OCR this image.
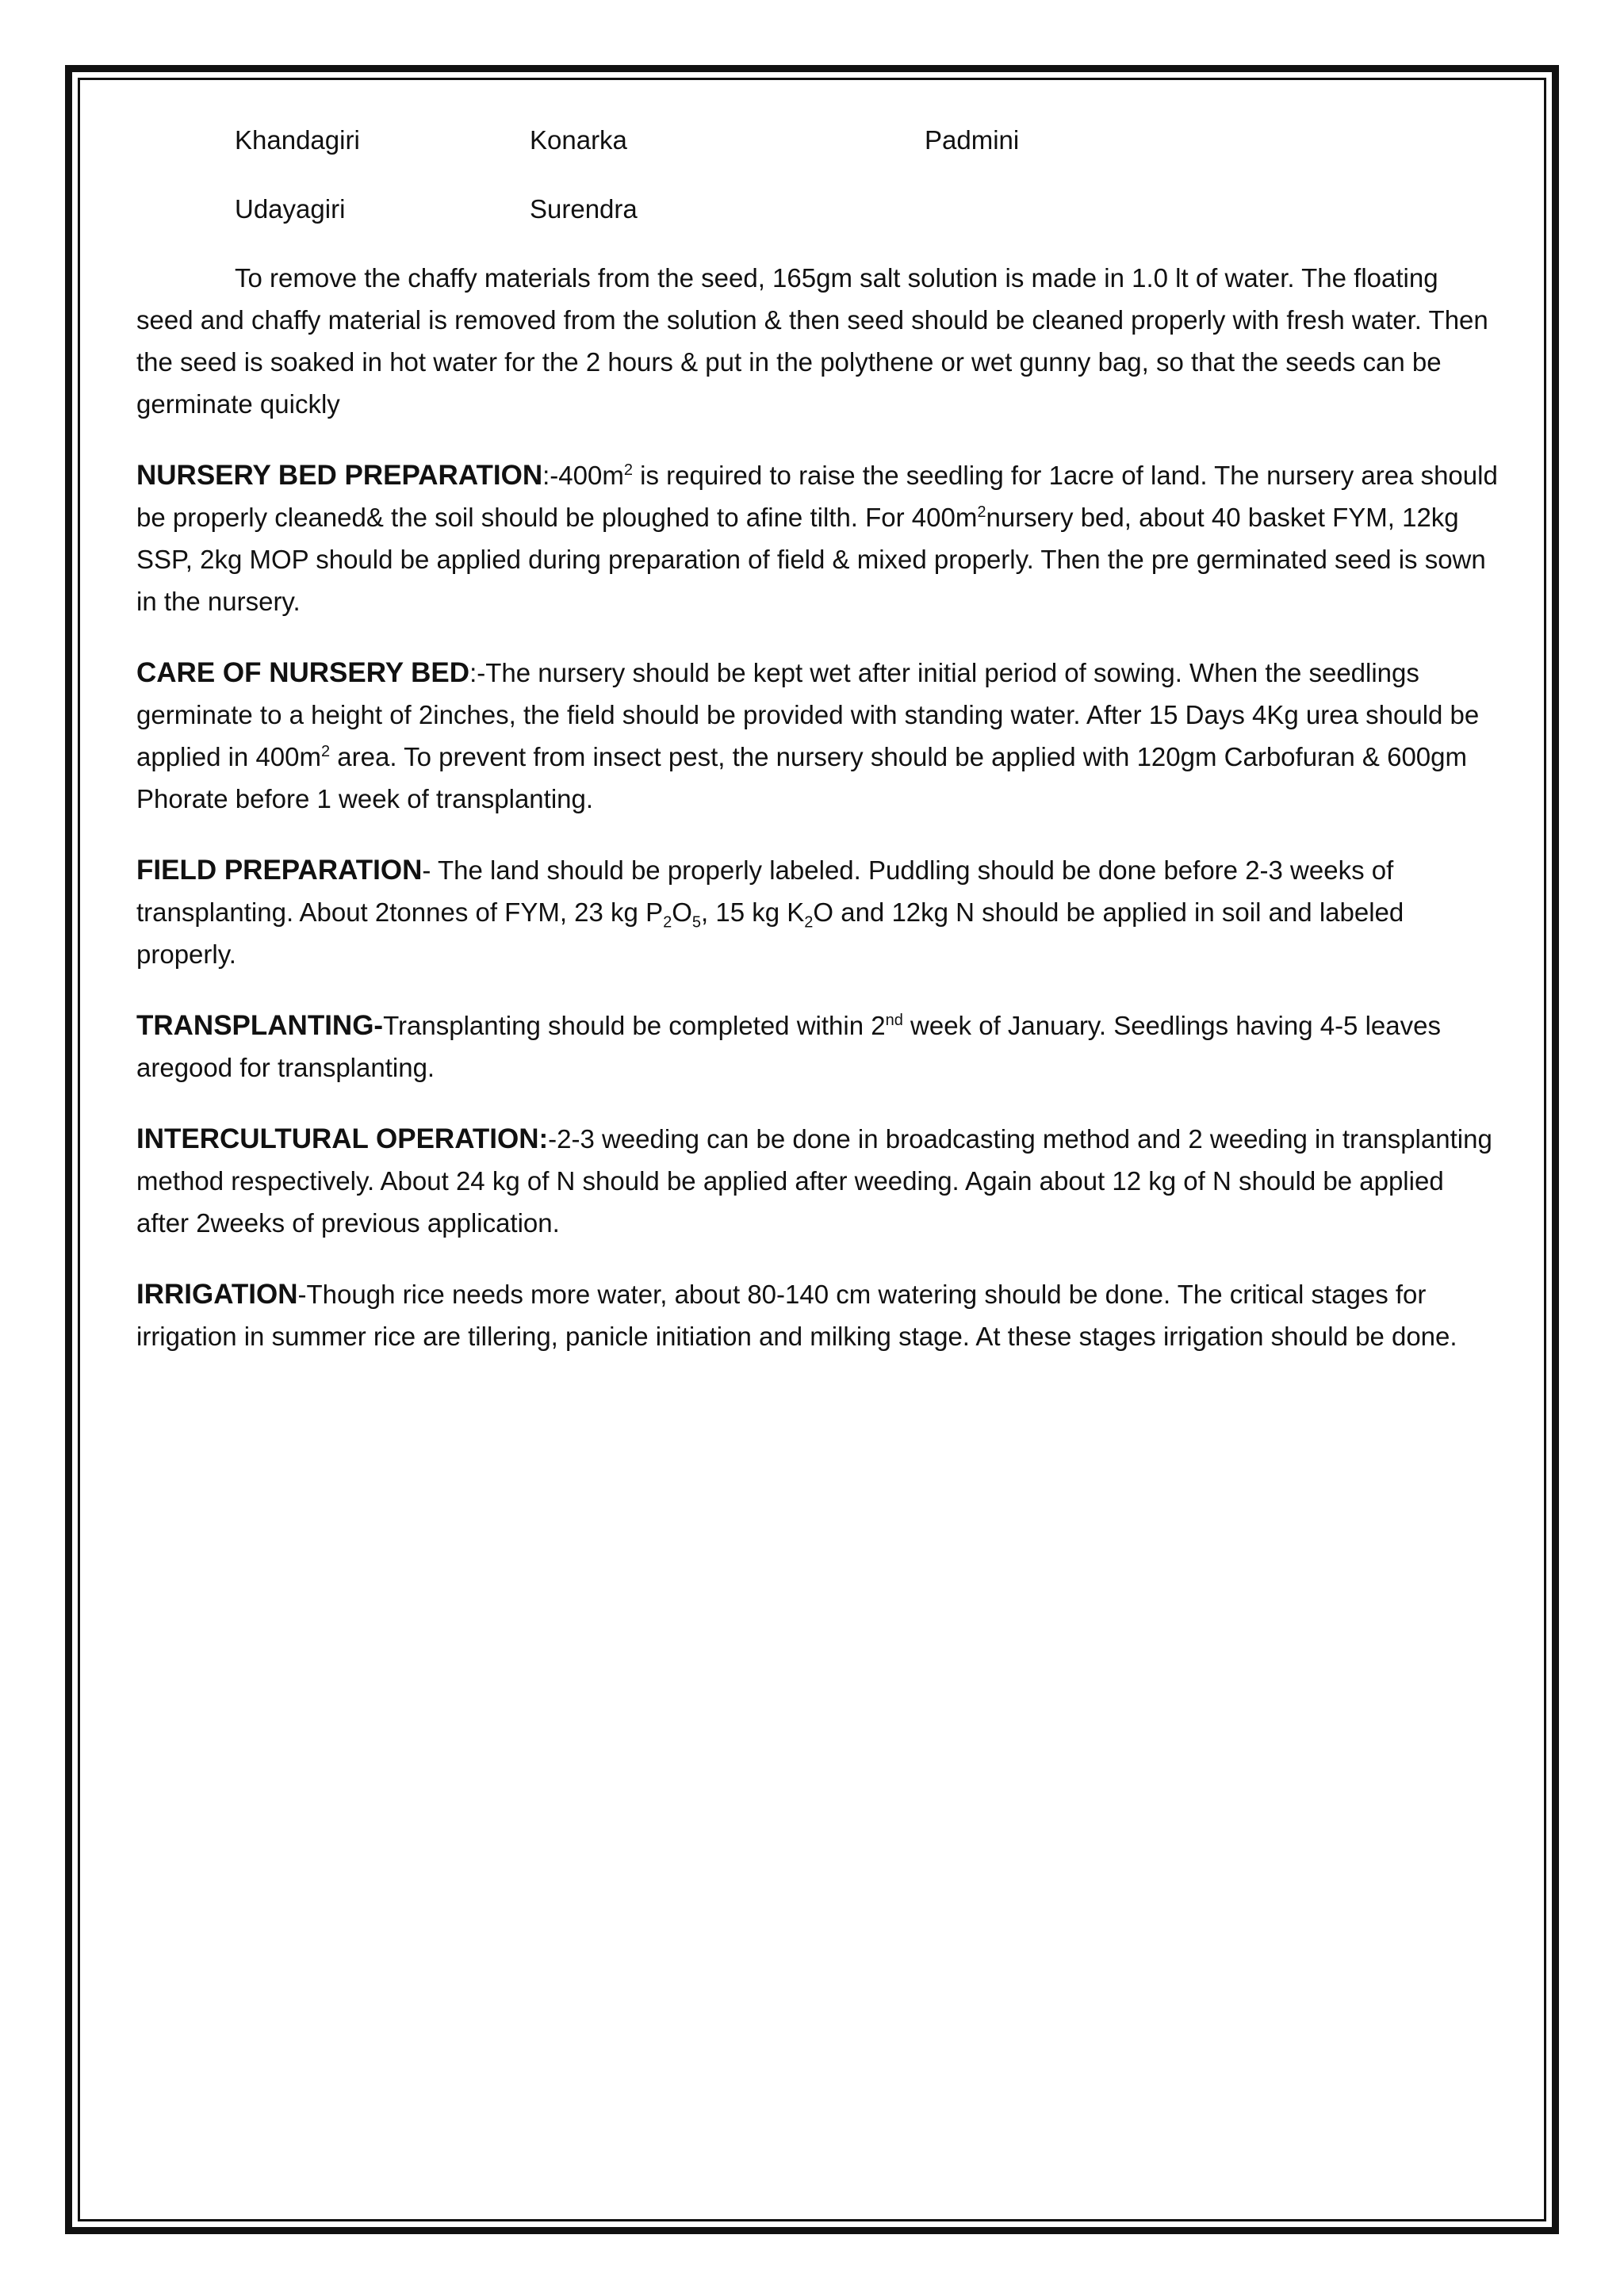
Khandagiri	Konarka	Padmini
Udayagiri	Surendra

To remove the chaffy materials from the seed, 165gm salt solution is made in 1.0 lt of water. The floating seed and chaffy material is removed from the solution & then seed should be cleaned properly with fresh water. Then the seed is soaked in hot water for the 2 hours & put in the polythene or wet gunny bag, so that the seeds can be germinate quickly

NURSERY BED $PREPARATION:-400m^2$ is required to raise the seedling for 1acre of land. The nursery area should be properly cleaned& the soil should be ploughed to afine tilth. For $400m^2nursery$ bed, about 40 basket FYM, 12kg SSP, 2kg MOP should be applied during preparation of field & mixed properly. Then the pre germinated seed is sown in the nursery.

CARE OF NURSERY BED:-The nursery should be kept wet after initial period of sowing. When the seedlings germinate to a height of 2inches, the field should be provided with standing water. After 15 Days 4Kg urea should be applied in $400m^2$ area. To prevent from insect pest, the nursery should be applied with 120gm Carbofuran & 600gm Phorate before 1 week of transplanting.

FIELD PREPARATION- The land should be properly labeled. Puddling should be done before 2-3 weeks of transplanting. About 2tonnes of FYM, 23 kg $P_2O_5$, 15 kg $K_2O$ and 12kg N should be applied in soil and labeled properly.

TRANSPLANTING-Transplanting should be completed within 2nd week of January. Seedlings having 4-5 leaves aregood for transplanting.

INTERCULTURAL OPERATION:-2-3 weeding can be done in broadcasting method and 2 weeding in transplanting method respectively. About 24 kg of N should be applied after weeding. Again about 12 kg of N should be applied after 2weeks of previous application.

IRRIGATION-Though rice needs more water, about 80-140 cm watering should be done. The critical stages for irrigation in summer rice are tillering, panicle initiation and milking stage. At these stages irrigation should be done.
